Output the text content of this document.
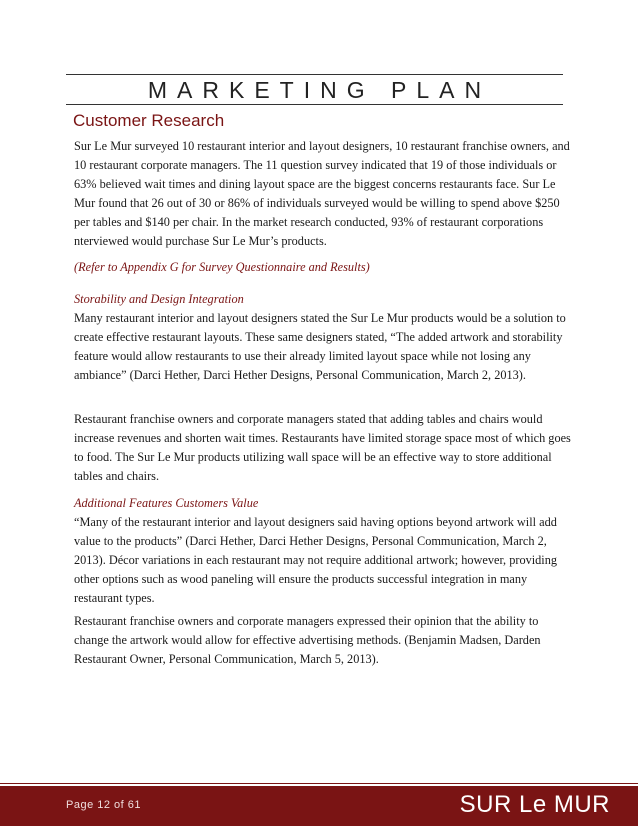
MARKETING PLAN
Customer Research
Sur Le Mur surveyed 10 restaurant interior and layout designers, 10 restaurant franchise owners, and 10 restaurant corporate managers. The 11 question survey indicated that 19 of those individuals or 63% believed wait times and dining layout space are the biggest concerns restaurants face. Sur Le Mur found that 26 out of 30 or 86% of individuals surveyed would be willing to spend above $250 per tables and $140 per chair. In the market research conducted, 93% of restaurant corporations nterviewed would purchase Sur Le Mur’s products.
(Refer to Appendix G for Survey Questionnaire and Results)
Storability and Design Integration
Many restaurant interior and layout designers stated the Sur Le Mur products would be a solution to create effective restaurant layouts. These same designers stated, “The added artwork and storability feature would allow restaurants to use their already limited layout space while not losing any ambiance” (Darci Hether, Darci Hether Designs, Personal Communication, March 2, 2013).
Restaurant franchise owners and corporate managers stated that adding tables and chairs would increase revenues and shorten wait times. Restaurants have limited storage space most of which goes to food. The Sur Le Mur products utilizing wall space will be an effective way to store additional tables and chairs.
Additional Features Customers Value
“Many of the restaurant interior and layout designers said having options beyond artwork will add value to the products” (Darci Hether, Darci Hether Designs, Personal Communication, March 2, 2013). Décor variations in each restaurant may not require additional artwork; however, providing other options such as wood paneling will ensure the products successful integration in many restaurant types.
Restaurant franchise owners and corporate managers expressed their opinion that the ability to change the artwork would allow for effective advertising methods. (Benjamin Madsen, Darden Restaurant Owner, Personal Communication, March 5, 2013).
Page 12 of 61	SUR Le MUR
